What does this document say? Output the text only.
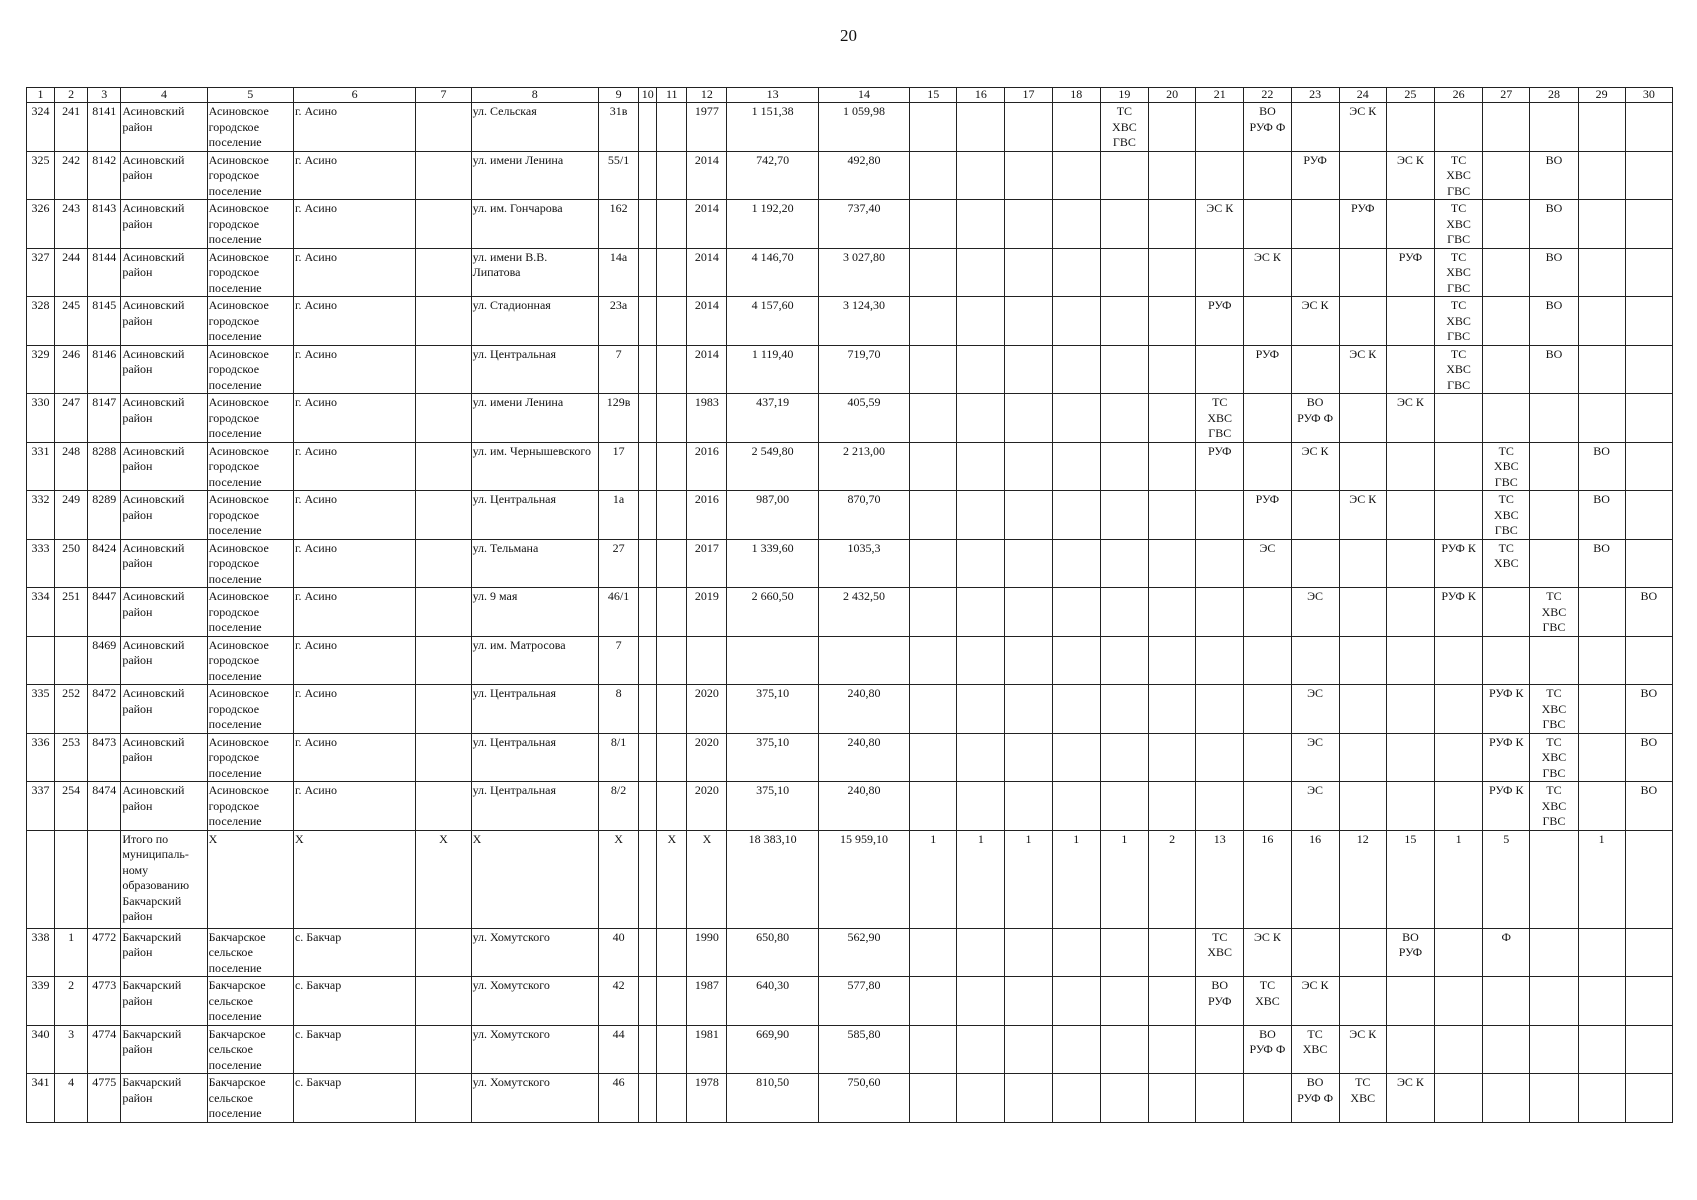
20
1	2	3	4	5	6	7	8	9	10	11	12	13	14	15	16	17	18	19	20	21	22	23	24	25	26	27	28	29	30
324	241	8141	Асиновский район	Асиновское городское поселение	г. Асино		ул. Сельская	31в			1977	1 151,38	1 059,98					ТС
ХВС
ГВС			ВО
РУФ Ф		ЭС К						
325	242	8142	Асиновский район	Асиновское городское поселение	г. Асино		ул. имени Ленина	55/1			2014	742,70	492,80									РУФ		ЭС К	ТС
ХВС
ГВС		ВО		
326	243	8143	Асиновский район	Асиновское городское поселение	г. Асино		ул. им. Гончарова	162			2014	1 192,20	737,40							ЭС К			РУФ		ТС
ХВС
ГВС		ВО		
327	244	8144	Асиновский район	Асиновское городское поселение	г. Асино		ул. имени В.В. Липатова	14а			2014	4 146,70	3 027,80								ЭС К			РУФ	ТС
ХВС
ГВС		ВО		
328	245	8145	Асиновский район	Асиновское городское поселение	г. Асино		ул. Стадионная	23а			2014	4 157,60	3 124,30							РУФ		ЭС К			ТС
ХВС
ГВС		ВО		
329	246	8146	Асиновский район	Асиновское городское поселение	г. Асино		ул. Центральная	7			2014	1 119,40	719,70								РУФ		ЭС К		ТС
ХВС
ГВС		ВО		
330	247	8147	Асиновский район	Асиновское городское поселение	г. Асино		ул. имени Ленина	129в			1983	437,19	405,59							ТС
ХВС
ГВС		ВО
РУФ Ф		ЭС К					
331	248	8288	Асиновский район	Асиновское городское поселение	г. Асино		ул. им. Чернышевского	17			2016	2 549,80	2 213,00							РУФ		ЭС К				ТС
ХВС
ГВС		ВО	
332	249	8289	Асиновский район	Асиновское городское поселение	г. Асино		ул. Центральная	1а			2016	987,00	870,70								РУФ		ЭС К			ТС
ХВС
ГВС		ВО	
333	250	8424	Асиновский район	Асиновское городское поселение	г. Асино		ул. Тельмана	27			2017	1 339,60	1035,3								ЭС				РУФ К	ТС
ХВС		ВО	
334	251	8447	Асиновский район	Асиновское городское поселение	г. Асино		ул. 9 мая	46/1			2019	2 660,50	2 432,50									ЭС			РУФ К		ТС
ХВС
ГВС		ВО
		8469	Асиновский район	Асиновское городское поселение	г. Асино		ул. им. Матросова	7																					
335	252	8472	Асиновский район	Асиновское городское поселение	г. Асино		ул. Центральная	8			2020	375,10	240,80									ЭС				РУФ К	ТС
ХВС
ГВС		ВО
336	253	8473	Асиновский район	Асиновское городское поселение	г. Асино		ул. Центральная	8/1			2020	375,10	240,80									ЭС				РУФ К	ТС
ХВС
ГВС		ВО
337	254	8474	Асиновский район	Асиновское городское поселение	г. Асино		ул. Центральная	8/2			2020	375,10	240,80									ЭС				РУФ К	ТС
ХВС
ГВС		ВО
			Итого по муниципаль-ному образованию Бакчарский район	Х	Х	Х	Х	Х		Х	Х	18 383,10	15 959,10	1	1	1	1	1	2	13	16	16	12	15	1	5		1	
338	1	4772	Бакчарский район	Бакчарское сельское поселение	с. Бакчар		ул. Хомутского	40			1990	650,80	562,90							ТС
ХВС	ЭС К			ВО
РУФ		Ф			
339	2	4773	Бакчарский район	Бакчарское сельское поселение	с. Бакчар		ул. Хомутского	42			1987	640,30	577,80							ВО
РУФ	ТС
ХВС	ЭС К							
340	3	4774	Бакчарский район	Бакчарское сельское поселение	с. Бакчар		ул. Хомутского	44			1981	669,90	585,80								ВО
РУФ Ф	ТС
ХВС	ЭС К						
341	4	4775	Бакчарский район	Бакчарское сельское поселение	с. Бакчар		ул. Хомутского	46			1978	810,50	750,60									ВО
РУФ Ф	ТС
ХВС	ЭС К					
